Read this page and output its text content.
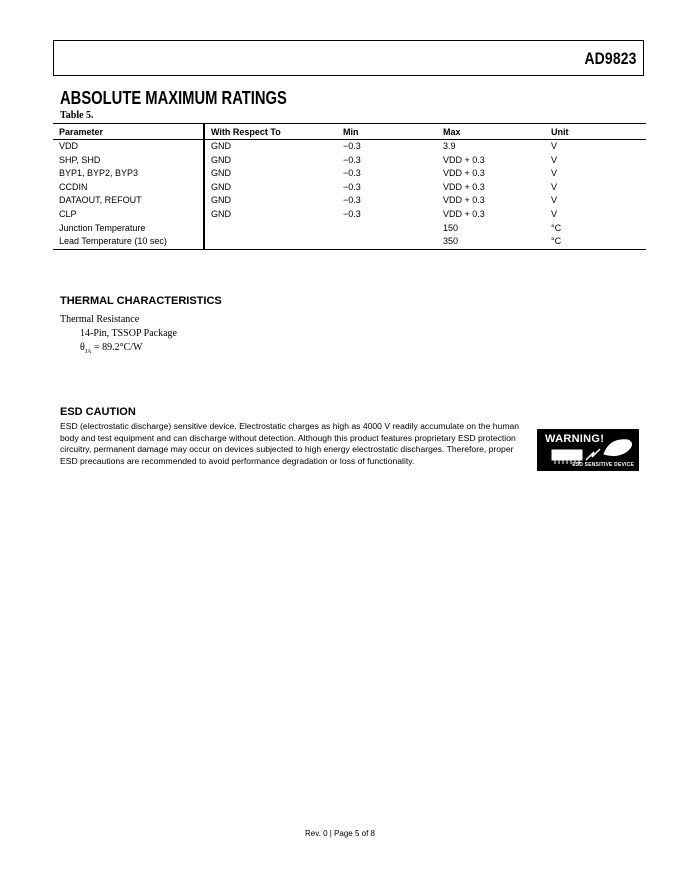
AD9823
ABSOLUTE MAXIMUM RATINGS
Table 5.
Parameter	With Respect To	Min	Max	Unit
VDD	GND	−0.3	3.9	V
SHP, SHD	GND	−0.3	VDD + 0.3	V
BYP1, BYP2, BYP3	GND	−0.3	VDD + 0.3	V
CCDIN	GND	−0.3	VDD + 0.3	V
DATAOUT, REFOUT	GND	−0.3	VDD + 0.3	V
CLP	GND	−0.3	VDD + 0.3	V
Junction Temperature			150	°C
Lead Temperature (10 sec)			350	°C
THERMAL CHARACTERISTICS
Thermal Resistance
14-Pin, TSSOP Package
$\theta_{JA} = 89.2^\circ C/W$
ESD CAUTION
ESD (electrostatic discharge) sensitive device. Electrostatic charges as high as 4000 V readily accumulate on the human body and test equipment and can discharge without detection. Although this product features proprietary ESD protection circuitry, permanent damage may occur on devices subjected to high energy electrostatic discharges. Therefore, proper ESD precautions are recommended to avoid performance degradation or loss of functionality.
WARNING!
ESD SENSITIVE DEVICE
Rev. 0 | Page 5 of 8
